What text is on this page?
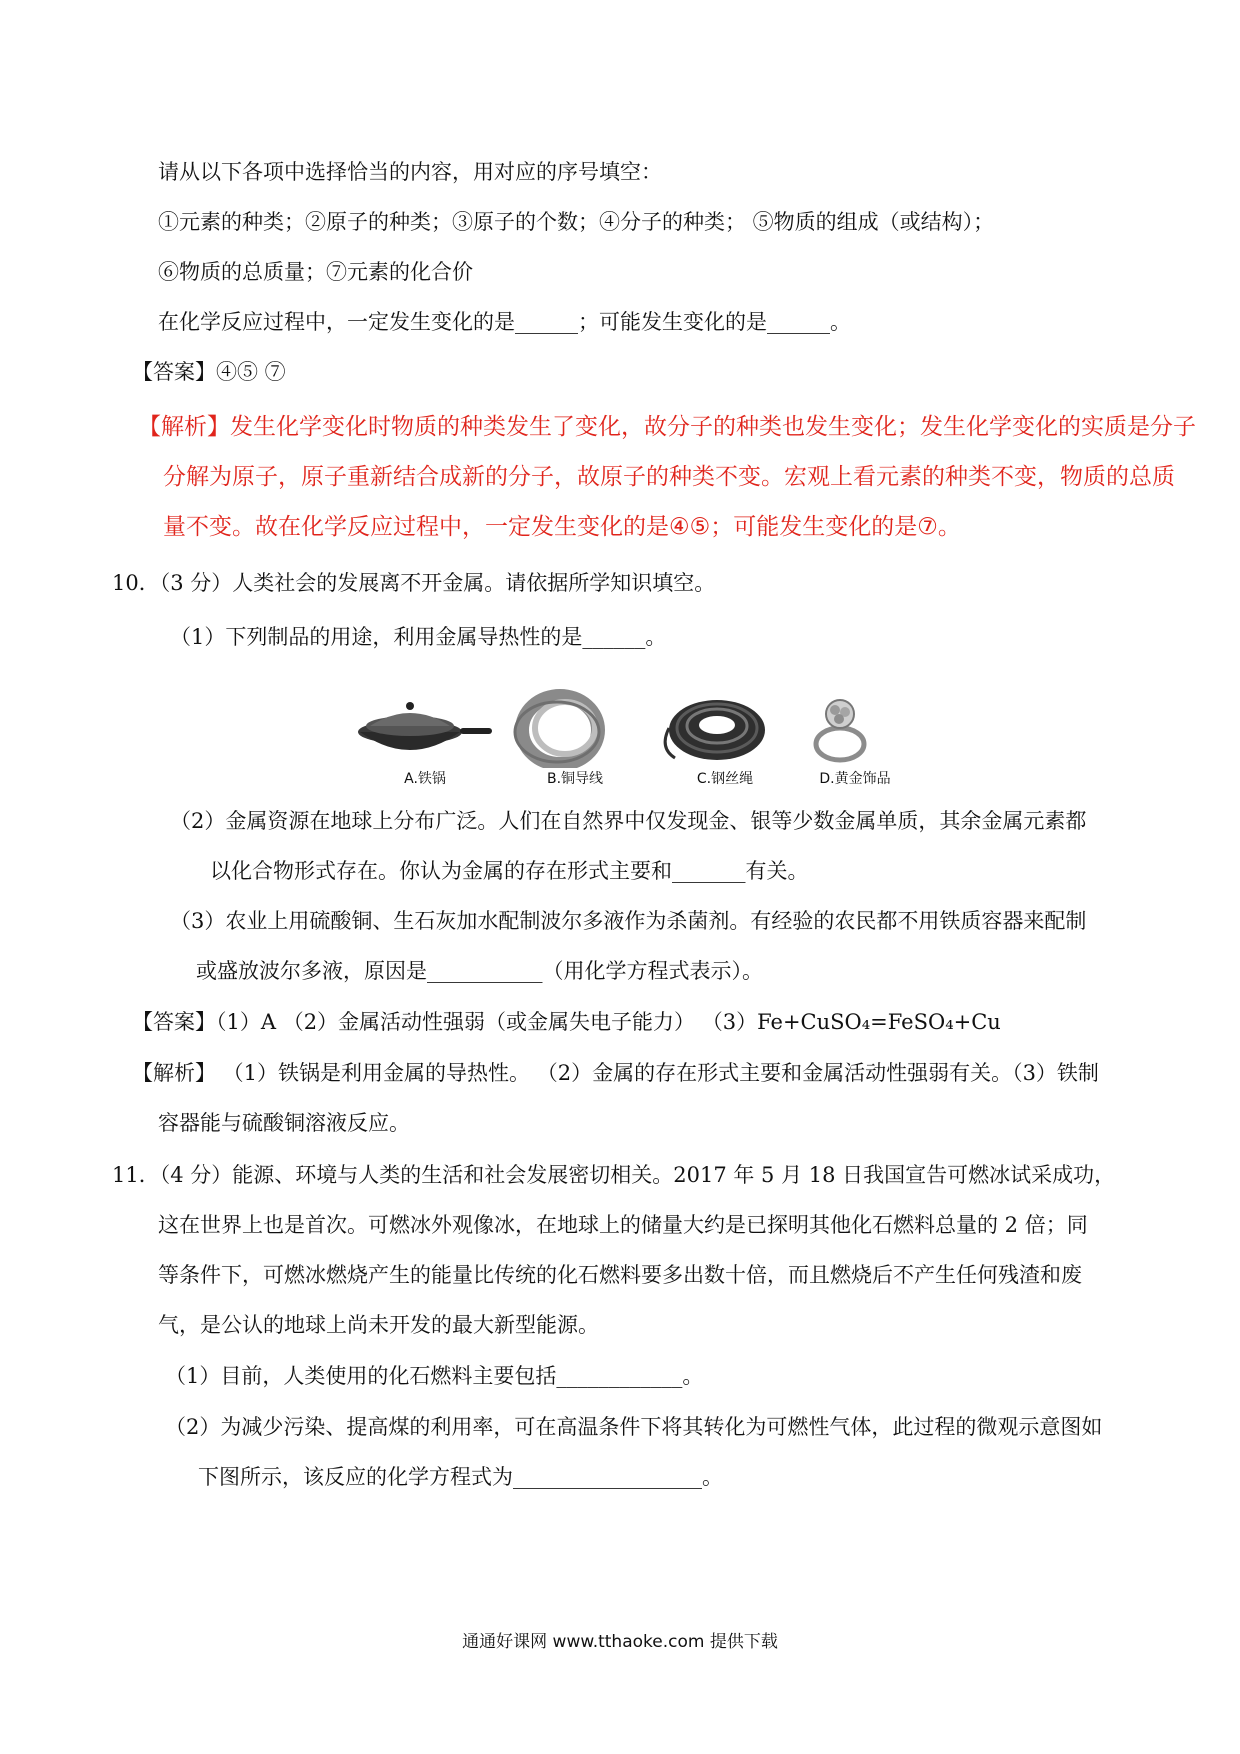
请从以下各项中选择恰当的内容，用对应的序号填空：
①元素的种类；②原子的种类；③原子的个数；④分子的种类； ⑤物质的组成（或结构）；
⑥物质的总质量；⑦元素的化合价
在化学反应过程中，一定发生变化的是______；可能发生变化的是______。
【答案】④⑤ ⑦
【解析】发生化学变化时物质的种类发生了变化，故分子的种类也发生变化；发生化学变化的实质是分子
分解为原子，原子重新结合成新的分子，故原子的种类不变。宏观上看元素的种类不变，物质的总质
量不变。故在化学反应过程中，一定发生变化的是④⑤；可能发生变化的是⑦。
10．（3 分）人类社会的发展离不开金属。请依据所学知识填空。
（1）下列制品的用途，利用金属导热性的是______。
A.铁锅	B.铜导线	C.钢丝绳	D.黄金饰品
（2）金属资源在地球上分布广泛。人们在自然界中仅发现金、银等少数金属单质，其余金属元素都
以化合物形式存在。你认为金属的存在形式主要和_______有关。
（3）农业上用硫酸铜、生石灰加水配制波尔多液作为杀菌剂。有经验的农民都不用铁质容器来配制
或盛放波尔多液，原因是___________（用化学方程式表示）。
【答案】（1）A （2）金属活动性强弱（或金属失电子能力） （3）Fe+CuSO₄=FeSO₄+Cu
【解析】 （1）铁锅是利用金属的导热性。 （2）金属的存在形式主要和金属活动性强弱有关。（3）铁制
容器能与硫酸铜溶液反应。
11．（4 分）能源、环境与人类的生活和社会发展密切相关。2017 年 5 月 18 日我国宣告可燃冰试采成功，
这在世界上也是首次。可燃冰外观像冰，在地球上的储量大约是已探明其他化石燃料总量的 2 倍；同
等条件下，可燃冰燃烧产生的能量比传统的化石燃料要多出数十倍，而且燃烧后不产生任何残渣和废
气，是公认的地球上尚未开发的最大新型能源。
（1）目前，人类使用的化石燃料主要包括____________。
（2）为减少污染、提高煤的利用率，可在高温条件下将其转化为可燃性气体，此过程的微观示意图如
下图所示，该反应的化学方程式为__________________。
通通好课网 www.tthaoke.com 提供下载
